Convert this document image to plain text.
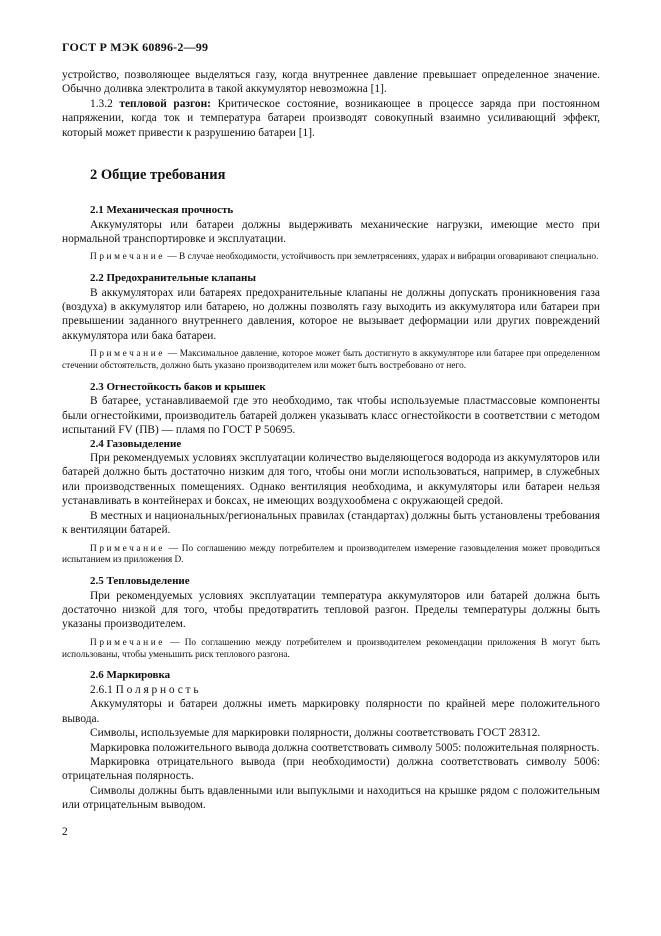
ГОСТ Р МЭК 60896-2—99

устройство, позволяющее выделяться газу, когда внутреннее давление превышает определенное значение. Обычно доливка электролита в такой аккумулятор невозможна [1].

1.3.2 тепловой разгон: Критическое состояние, возникающее в процессе заряда при постоянном напряжении, когда ток и температура батареи производят совокупный взаимно усиливающий эффект, который может привести к разрушению батареи [1].

2 Общие требования
2.1 Механическая прочность

Аккумуляторы или батареи должны выдерживать механические нагрузки, имеющие место при нормальной транспортировке и эксплуатации.

Примечание — В случае необходимости, устойчивость при землетрясениях, ударах и вибрации оговаривают специально.

2.2 Предохранительные клапаны

В аккумуляторах или батареях предохранительные клапаны не должны допускать проникновения газа (воздуха) в аккумулятор или батарею, но должны позволять газу выходить из аккумулятора или батареи при превышении заданного внутреннего давления, которое не вызывает деформации или других повреждений аккумулятора или бака батареи.

Примечание — Максимальное давление, которое может быть достигнуто в аккумуляторе или батарее при определенном стечении обстоятельств, должно быть указано производителем или может быть востребовано от него.

2.3 Огнестойкость баков и крышек

В батарее, устанавливаемой где это необходимо, так чтобы используемые пластмассовые компоненты были огнестойкими, производитель батарей должен указывать класс огнестойкости в соответствии с методом испытаний FV (ПВ) — пламя по ГОСТ Р 50695.

2.4 Газовыделение

При рекомендуемых условиях эксплуатации количество выделяющегося водорода из аккумуляторов или батарей должно быть достаточно низким для того, чтобы они могли использоваться, например, в служебных или производственных помещениях. Однако вентиляция необходима, и аккумуляторы или батареи нельзя устанавливать в контейнерах и боксах, не имеющих воздухообмена с окружающей средой.

В местных и национальных/региональных правилах (стандартах) должны быть установлены требования к вентиляции батарей.

Примечание — По соглашению между потребителем и производителем измерение газовыделения может проводиться испытанием из приложения D.

2.5 Тепловыделение

При рекомендуемых условиях эксплуатации температура аккумуляторов или батарей должна быть достаточно низкой для того, чтобы предотвратить тепловой разгон. Пределы температуры должны быть указаны производителем.

Примечание — По соглашению между потребителем и производителем рекомендации приложения В могут быть использованы, чтобы уменьшить риск теплового разгона.

2.6 Маркировка

2.6.1 Полярность

Аккумуляторы и батареи должны иметь маркировку полярности по крайней мере положительного вывода.

Символы, используемые для маркировки полярности, должны соответствовать ГОСТ 28312.

Маркировка положительного вывода должна соответствовать символу 5005: положительная полярность.

Маркировка отрицательного вывода (при необходимости) должна соответствовать символу 5006: отрицательная полярность.

Символы должны быть вдавленными или выпуклыми и находиться на крышке рядом с положительным или отрицательным выводом.

2
